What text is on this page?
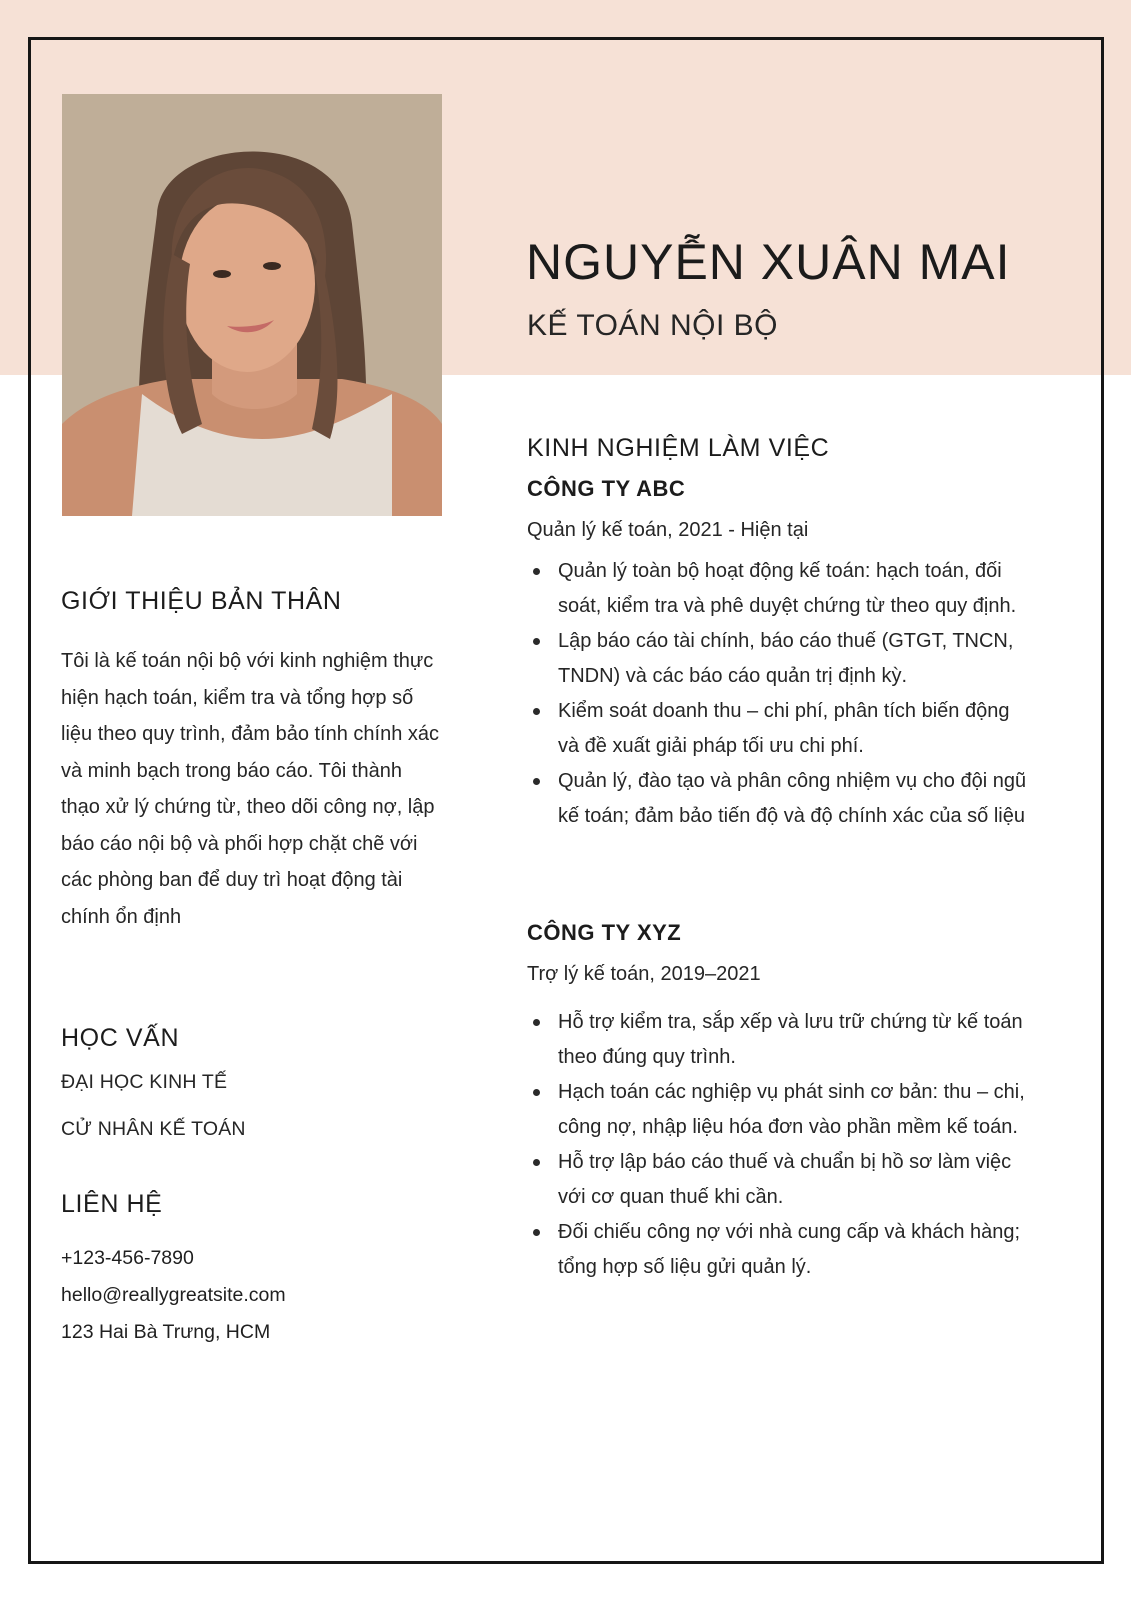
NGUYỄN XUÂN MAI
KẾ TOÁN NỘI BỘ
GIỚI THIỆU BẢN THÂN
Tôi là kế toán nội bộ với kinh nghiệm thực hiện hạch toán, kiểm tra và tổng hợp số liệu theo quy trình, đảm bảo tính chính xác và minh bạch trong báo cáo. Tôi thành thạo xử lý chứng từ, theo dõi công nợ, lập báo cáo nội bộ và phối hợp chặt chẽ với các phòng ban để duy trì hoạt động tài chính ổn định
HỌC VẤN
ĐẠI HỌC KINH TẾ
CỬ NHÂN KẾ TOÁN
LIÊN HỆ
+123-456-7890
hello@reallygreatsite.com
123 Hai Bà Trưng, HCM
KINH NGHIỆM LÀM VIỆC
CÔNG TY ABC
Quản lý kế toán, 2021 - Hiện tại
Quản lý toàn bộ hoạt động kế toán: hạch toán, đối soát, kiểm tra và phê duyệt chứng từ theo quy định.
Lập báo cáo tài chính, báo cáo thuế (GTGT, TNCN, TNDN) và các báo cáo quản trị định kỳ.
Kiểm soát doanh thu – chi phí, phân tích biến động và đề xuất giải pháp tối ưu chi phí.
Quản lý, đào tạo và phân công nhiệm vụ cho đội ngũ kế toán; đảm bảo tiến độ và độ chính xác của số liệu
CÔNG TY XYZ
Trợ lý kế toán, 2019–2021
Hỗ trợ kiểm tra, sắp xếp và lưu trữ chứng từ kế toán theo đúng quy trình.
Hạch toán các nghiệp vụ phát sinh cơ bản: thu – chi, công nợ, nhập liệu hóa đơn vào phần mềm kế toán.
Hỗ trợ lập báo cáo thuế và chuẩn bị hồ sơ làm việc với cơ quan thuế khi cần.
Đối chiếu công nợ với nhà cung cấp và khách hàng; tổng hợp số liệu gửi quản lý.
